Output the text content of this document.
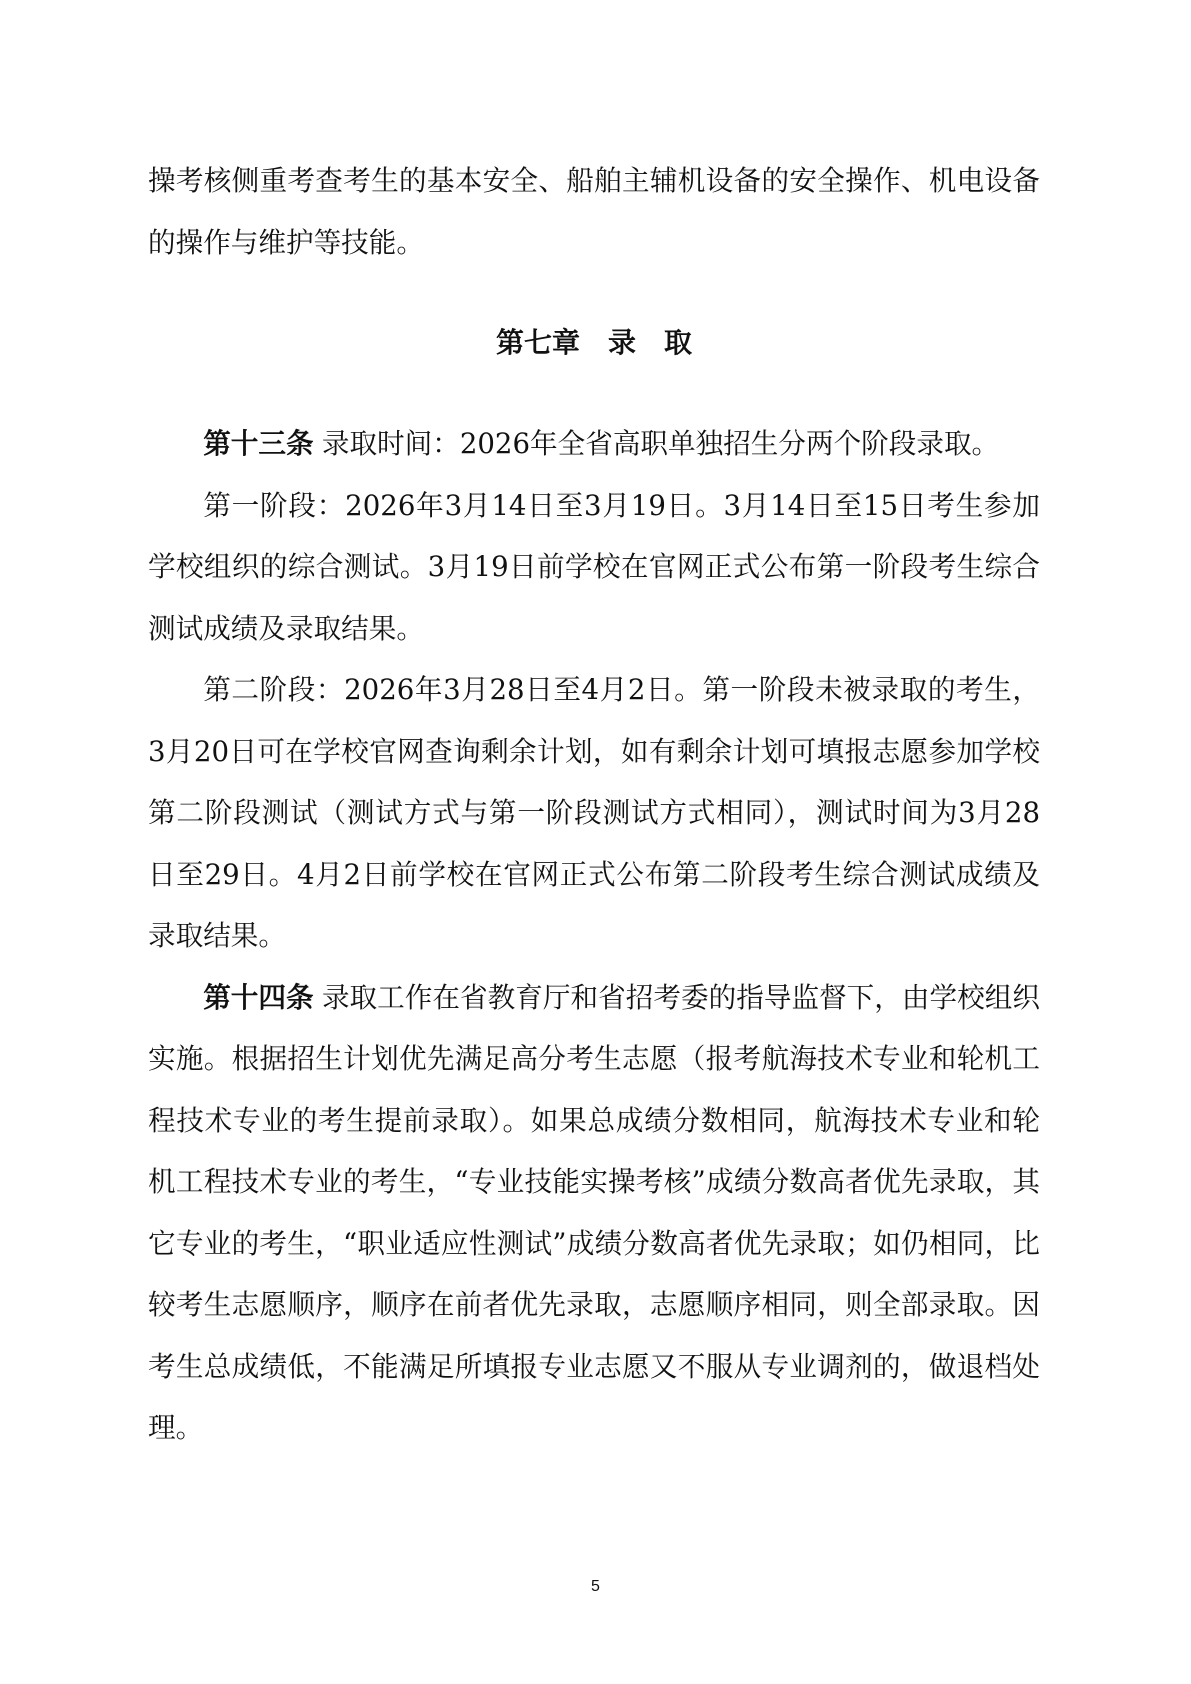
操考核侧重考查考生的基本安全、船舶主辅机设备的安全操作、机电设备的操作与维护等技能。

第七章 录 取

第十三条 录取时间：2026年全省高职单独招生分两个阶段录取。

第一阶段：2026年3月14日至3月19日。3月14日至15日考生参加学校组织的综合测试。3月19日前学校在官网正式公布第一阶段考生综合测试成绩及录取结果。

第二阶段：2026年3月28日至4月2日。第一阶段未被录取的考生，3月20日可在学校官网查询剩余计划，如有剩余计划可填报志愿参加学校第二阶段测试（测试方式与第一阶段测试方式相同），测试时间为3月28日至29日。4月2日前学校在官网正式公布第二阶段考生综合测试成绩及录取结果。

第十四条 录取工作在省教育厅和省招考委的指导监督下，由学校组织实施。根据招生计划优先满足高分考生志愿（报考航海技术专业和轮机工程技术专业的考生提前录取）。如果总成绩分数相同，航海技术专业和轮机工程技术专业的考生，“专业技能实操考核”成绩分数高者优先录取，其它专业的考生，“职业适应性测试”成绩分数高者优先录取；如仍相同，比较考生志愿顺序，顺序在前者优先录取，志愿顺序相同，则全部录取。因考生总成绩低，不能满足所填报专业志愿又不服从专业调剂的，做退档处理。

5
